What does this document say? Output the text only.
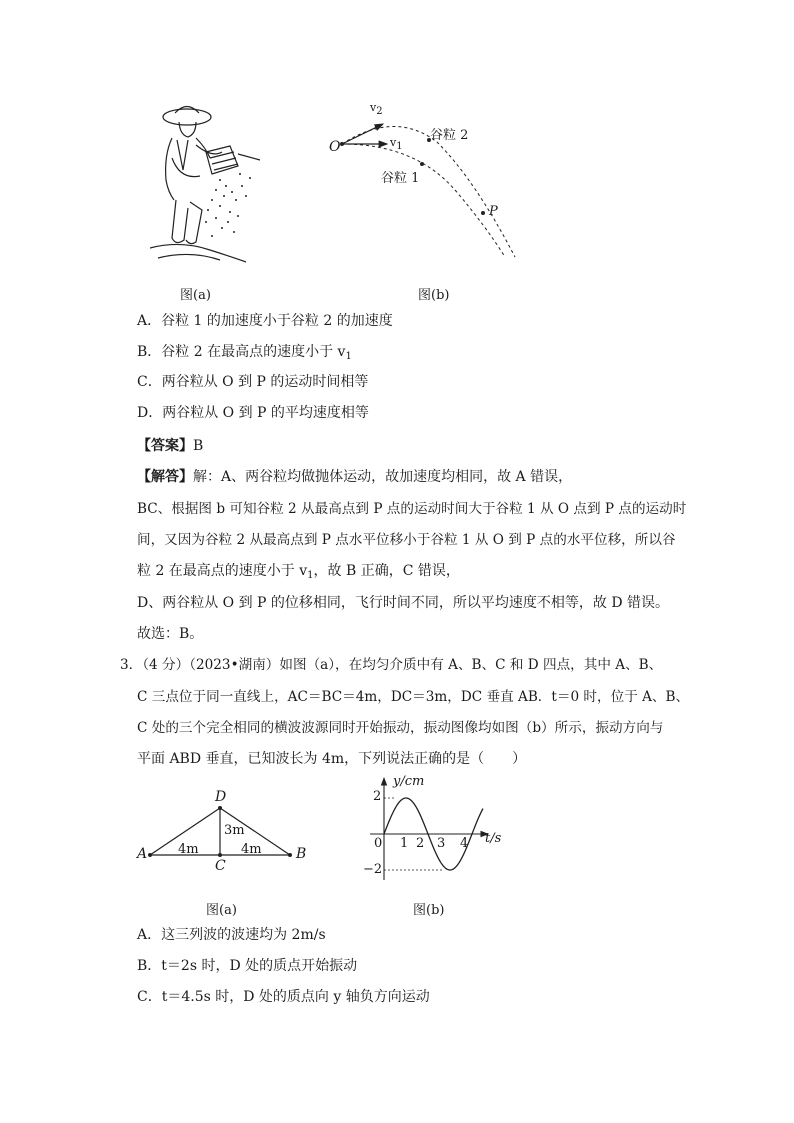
图(a)
$v_2$
$v_1$
O
谷粒 2
谷粒 1
P
图(b)
A．谷粒 1 的加速度小于谷粒 2 的加速度
B．谷粒 2 在最高点的速度小于 $v_1$
C．两谷粒从 O 到 P 的运动时间相等
D．两谷粒从 O 到 P 的平均速度相等
【答案】B
【解答】解：A、两谷粒均做抛体运动，故加速度均相同，故 A 错误，
BC、根据图 b 可知谷粒 2 从最高点到 P 点的运动时间大于谷粒 1 从 O 点到 P 点的运动时
间，又因为谷粒 2 从最高点到 P 点水平位移小于谷粒 1 从 O 到 P 点的水平位移，所以谷
粒 2 在最高点的速度小于 $v_1$，故 B 正确，C 错误，
D、两谷粒从 O 到 P 的位移相同，飞行时间不同，所以平均速度不相等，故 D 错误。
故选：B。
3．（4 分）（2023•湖南）如图（a），在均匀介质中有 A、B、C 和 D 四点，其中 A、B、
C 三点位于同一直线上，AC＝BC＝4m，DC＝3m，DC 垂直 AB．t＝0 时，位于 A、B、
C 处的三个完全相同的横波波源同时开始振动，振动图像均如图（b）所示，振动方向与
平面 ABD 垂直，已知波长为 4m，下列说法正确的是（　　）
A	B
C
D
4m	4m
3m
图(a)
y/cm
t/s
0
2
−2
1 2 3 4
图(b)
A．这三列波的波速均为 2m/s
B．t＝2s 时，D 处的质点开始振动
C．t＝4.5s 时，D 处的质点向 y 轴负方向运动
